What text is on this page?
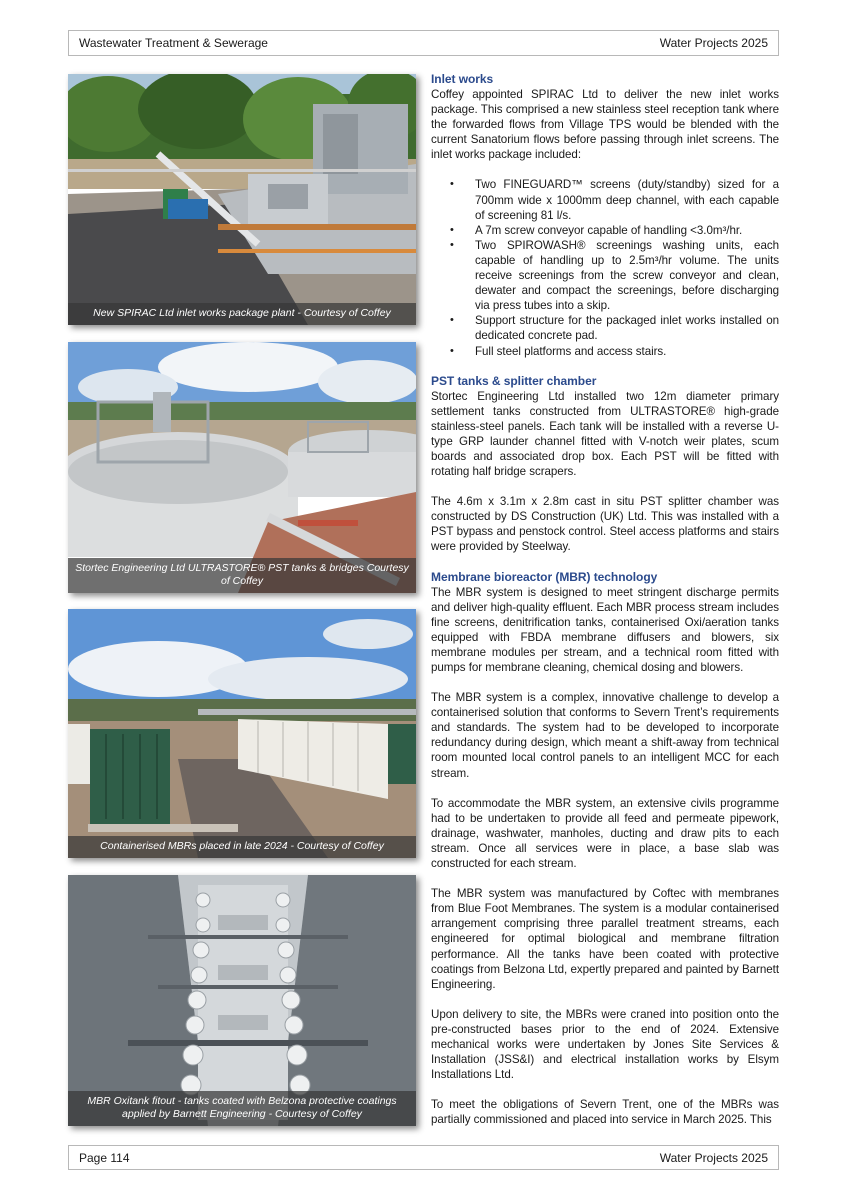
Wastewater Treatment & Sewerage	Water Projects 2025
New SPIRAC Ltd inlet works package plant - Courtesy of Coffey
Stortec Engineering Ltd ULTRASTORE® PST tanks & bridges Courtesy of Coffey
Containerised MBRs placed in late 2024 - Courtesy of Coffey
MBR Oxitank fitout - tanks coated with Belzona protective coatings applied by Barnett Engineering - Courtesy of Coffey
Inlet works

Coffey appointed SPIRAC Ltd to deliver the new inlet works package. This comprised a new stainless steel reception tank where the forwarded flows from Village TPS would be blended with the current Sanatorium flows before passing through inlet screens. The inlet works package included:

• Two FINEGUARD™ screens (duty/standby) sized for a 700mm wide x 1000mm deep channel, with each capable of screening 81 l/s.
• A 7m screw conveyor capable of handling <3.0m³/hr.
• Two SPIROWASH® screenings washing units, each capable of handling up to 2.5m³/hr volume. The units receive screenings from the screw conveyor and clean, dewater and compact the screenings, before discharging via press tubes into a skip.
• Support structure for the packaged inlet works installed on dedicated concrete pad.
• Full steel platforms and access stairs.
PST tanks & splitter chamber

Stortec Engineering Ltd installed two 12m diameter primary settlement tanks constructed from ULTRASTORE® high-grade stainless-steel panels. Each tank will be installed with a reverse U-type GRP launder channel fitted with V-notch weir plates, scum boards and associated drop box. Each PST will be fitted with rotating half bridge scrapers.

The 4.6m x 3.1m x 2.8m cast in situ PST splitter chamber was constructed by DS Construction (UK) Ltd. This was installed with a PST bypass and penstock control. Steel access platforms and stairs were provided by Steelway.

Membrane bioreactor (MBR) technology

The MBR system is designed to meet stringent discharge permits and deliver high-quality effluent. Each MBR process stream includes fine screens, denitrification tanks, containerised Oxi/aeration tanks equipped with FBDA membrane diffusers and blowers, six membrane modules per stream, and a technical room fitted with pumps for membrane cleaning, chemical dosing and blowers.

The MBR system is a complex, innovative challenge to develop a containerised solution that conforms to Severn Trent’s requirements and standards. The system had to be developed to incorporate redundancy during design, which meant a shift-away from technical room mounted local control panels to an intelligent MCC for each stream.

To accommodate the MBR system, an extensive civils programme had to be undertaken to provide all feed and permeate pipework, drainage, washwater, manholes, ducting and draw pits to each stream. Once all services were in place, a base slab was constructed for each stream.

The MBR system was manufactured by Coftec with membranes from Blue Foot Membranes. The system is a modular containerised arrangement comprising three parallel treatment streams, each engineered for optimal biological and membrane filtration performance. All the tanks have been coated with protective coatings from Belzona Ltd, expertly prepared and painted by Barnett Engineering.

Upon delivery to site, the MBRs were craned into position onto the pre-constructed bases prior to the end of 2024. Extensive mechanical works were undertaken by Jones Site Services & Installation (JSS&I) and electrical installation works by Elsym Installations Ltd.

To meet the obligations of Severn Trent, one of the MBRs was partially commissioned and placed into service in March 2025. This

Page 114	Water Projects 2025
